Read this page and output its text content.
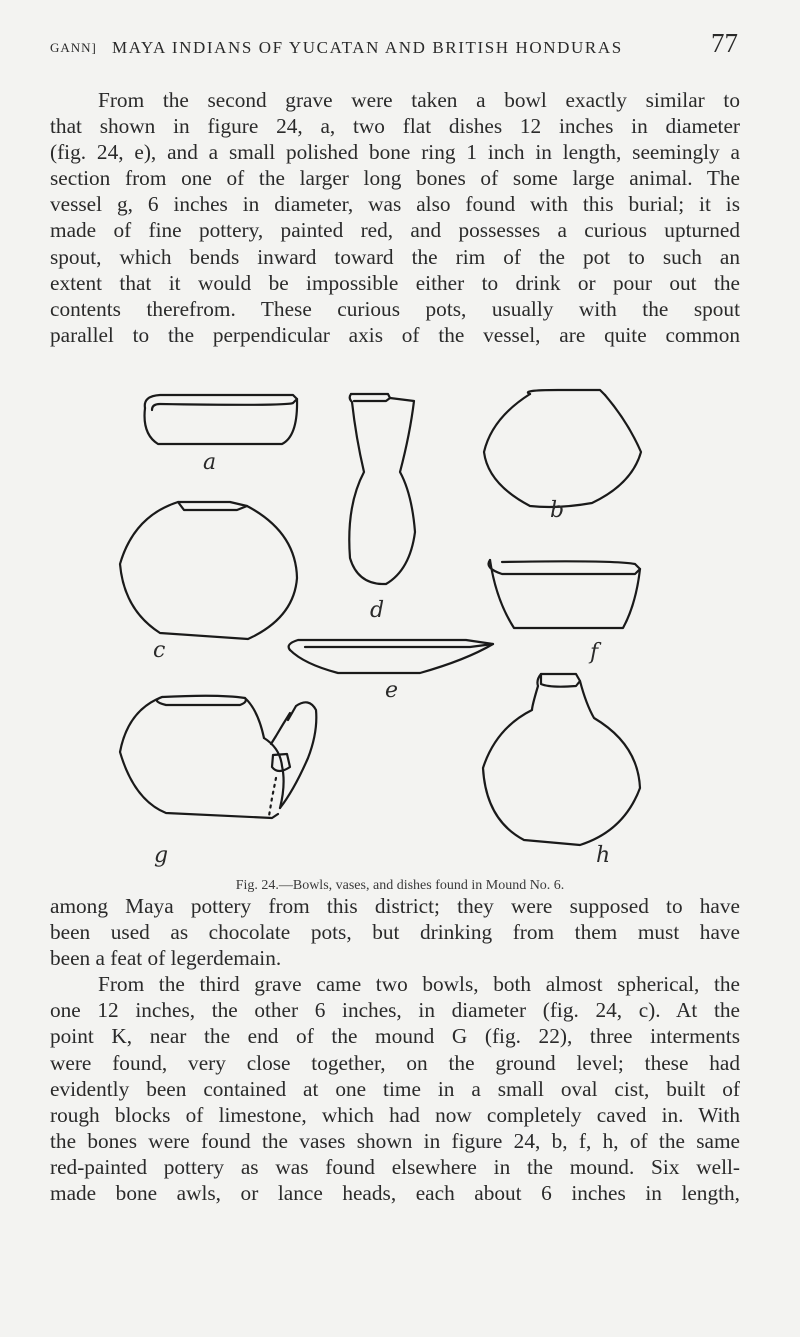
GANN] MAYA INDIANS OF YUCATAN AND BRITISH HONDURAS	77
From the second grave were taken a bowl exactly similar to
that shown in figure 24, a, two flat dishes 12 inches in diameter
(fig. 24, e), and a small polished bone ring 1 inch in length, seemingly a
section from one of the larger long bones of some large animal. The
vessel g, 6 inches in diameter, was also found with this burial; it is
made of fine pottery, painted red, and possesses a curious upturned
spout, which bends inward toward the rim of the pot to such an
extent that it would be impossible either to drink or pour out the
contents therefrom. These curious pots, usually with the spout
parallel to the perpendicular axis of the vessel, are quite common
a
b
c
d
e
f
g	h
Fig. 24.—Bowls, vases, and dishes found in Mound No. 6.
among Maya pottery from this district; they were supposed to have
been used as chocolate pots, but drinking from them must have
been a feat of legerdemain.
From the third grave came two bowls, both almost spherical, the
one 12 inches, the other 6 inches, in diameter (fig. 24, c). At the
point K, near the end of the mound G (fig. 22), three interments
were found, very close together, on the ground level; these had
evidently been contained at one time in a small oval cist, built of
rough blocks of limestone, which had now completely caved in. With
the bones were found the vases shown in figure 24, b, f, h, of the same
red-painted pottery as was found elsewhere in the mound. Six well-
made bone awls, or lance heads, each about 6 inches in length,
